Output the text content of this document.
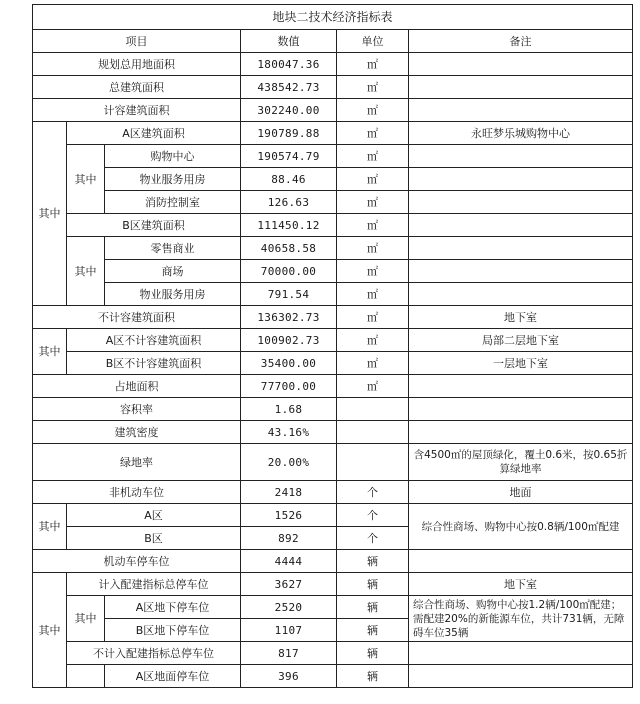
地块二技术经济指标表					
项目			数值	单位	备注
规划总用地面积			180047.36	㎡	
总建筑面积			438542.73	㎡	
计容建筑面积			302240.00	㎡	
其中	A区建筑面积		190789.88	㎡	永旺梦乐城购物中心
	其中	购物中心	190574.79	㎡	
		物业服务用房	88.46	㎡	
		消防控制室	126.63	㎡	
	B区建筑面积		111450.12	㎡	
	其中	零售商业	40658.58	㎡	
		商场	70000.00	㎡	
		物业服务用房	791.54	㎡	
不计容建筑面积			136302.73	㎡	地下室
其中	A区不计容建筑面积		100902.73	㎡	局部二层地下室
	B区不计容建筑面积		35400.00	㎡	一层地下室
占地面积			77700.00	㎡	
容积率			1.68		
建筑密度			43.16%		
绿地率			20.00%		含4500㎡的屋顶绿化，覆土0.6米，按0.65折算绿地率
非机动车位			2418	个	地面
其中	A区		1526	个	综合性商场、购物中心按0.8辆/100㎡配建
	B区		892	个	
机动车停车位			4444	辆	
其中	计入配建指标总停车位		3627	辆	地下室
	其中	A区地下停车位	2520	辆	综合性商场、购物中心按1.2辆/100㎡配建；需配建20%的新能源车位，共计731辆，无障碍车位35辆
		B区地下停车位	1107	辆	
	不计入配建指标总停车位		817	辆	
		A区地面停车位	396	辆	
